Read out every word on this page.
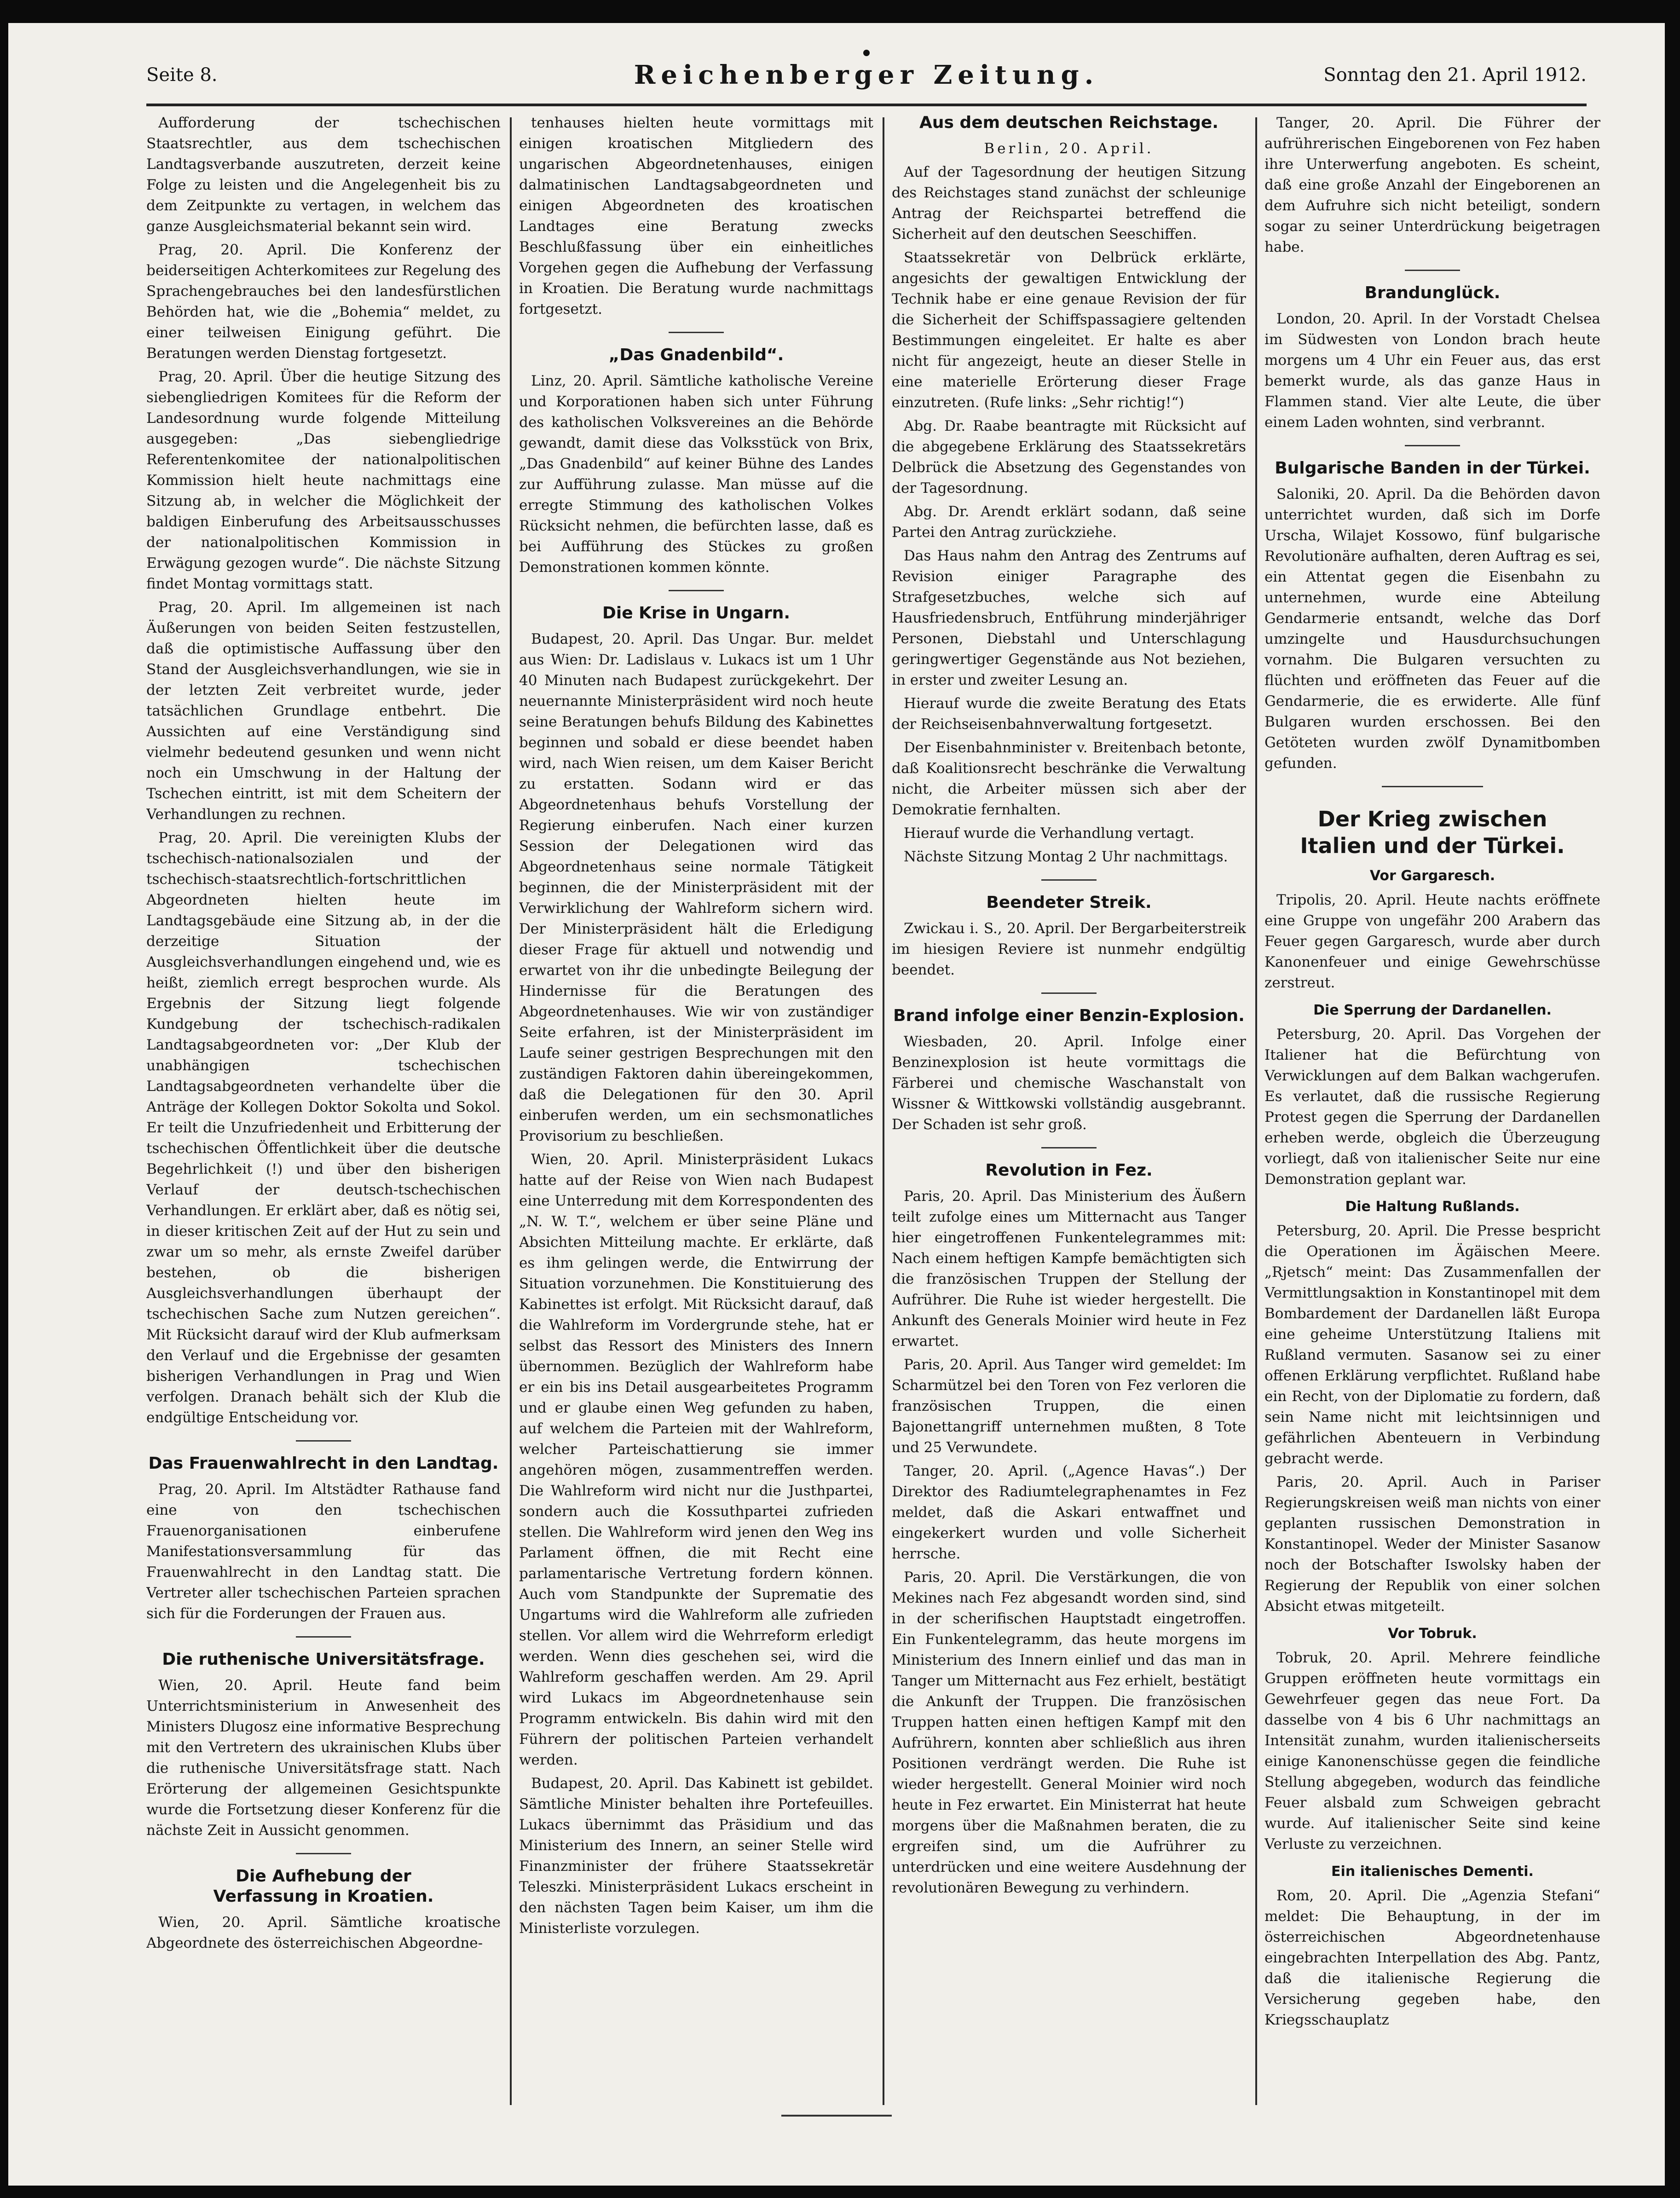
Seite 8.	Reichenberger Zeitung.	Sonntag den 21. April 1912.

Aufforderung der tschechischen Staatsrechtler, aus dem tschechischen Landtagsverbande auszutreten, derzeit keine Folge zu leisten und die Angelegenheit bis zu dem Zeitpunkte zu vertagen, in welchem das ganze Ausgleichsmaterial bekannt sein wird.

Prag, 20. April. Die Konferenz der beiderseitigen Achterkomitees zur Regelung des Sprachengebrauches bei den landesfürstlichen Behörden hat, wie die „Bohemia“ meldet, zu einer teilweisen Einigung geführt. Die Beratungen werden Dienstag fortgesetzt.

Prag, 20. April. Über die heutige Sitzung des siebengliedrigen Komitees für die Reform der Landesordnung wurde folgende Mitteilung ausgegeben: „Das siebengliedrige Referentenkomitee der nationalpolitischen Kommission hielt heute nachmittags eine Sitzung ab, in welcher die Möglichkeit der baldigen Einberufung des Arbeitsausschusses der nationalpolitischen Kommission in Erwägung gezogen wurde“. Die nächste Sitzung findet Montag vormittags statt.

Prag, 20. April. Im allgemeinen ist nach Äußerungen von beiden Seiten festzustellen, daß die optimistische Auffassung über den Stand der Ausgleichsverhandlungen, wie sie in der letzten Zeit verbreitet wurde, jeder tatsächlichen Grundlage entbehrt. Die Aussichten auf eine Verständigung sind vielmehr bedeutend gesunken und wenn nicht noch ein Umschwung in der Haltung der Tschechen eintritt, ist mit dem Scheitern der Verhandlungen zu rechnen.

Prag, 20. April. Die vereinigten Klubs der tschechisch-nationalsozialen und der tschechisch-staatsrechtlich-fortschrittlichen Abgeordneten hielten heute im Landtagsgebäude eine Sitzung ab, in der die derzeitige Situation der Ausgleichsverhandlungen eingehend und, wie es heißt, ziemlich erregt besprochen wurde. Als Ergebnis der Sitzung liegt folgende Kundgebung der tschechisch-radikalen Landtagsabgeordneten vor: „Der Klub der unabhängigen tschechischen Landtagsabgeordneten verhandelte über die Anträge der Kollegen Doktor Sokolta und Sokol. Er teilt die Unzufriedenheit und Erbitterung der tschechischen Öffentlichkeit über die deutsche Begehrlichkeit (!) und über den bisherigen Verlauf der deutsch-tschechischen Verhandlungen. Er erklärt aber, daß es nötig sei, in dieser kritischen Zeit auf der Hut zu sein und zwar um so mehr, als ernste Zweifel darüber bestehen, ob die bisherigen Ausgleichsverhandlungen überhaupt der tschechischen Sache zum Nutzen gereichen“. Mit Rücksicht darauf wird der Klub aufmerksam den Verlauf und die Ergebnisse der gesamten bisherigen Verhandlungen in Prag und Wien verfolgen. Dranach behält sich der Klub die endgültige Entscheidung vor.

Das Frauenwahlrecht in den Landtag.

Prag, 20. April. Im Altstädter Rathause fand eine von den tschechischen Frauenorganisationen einberufene Manifestationsversammlung für das Frauenwahlrecht in den Landtag statt. Die Vertreter aller tschechischen Parteien sprachen sich für die Forderungen der Frauen aus.

Die ruthenische Universitätsfrage.

Wien, 20. April. Heute fand beim Unterrichtsministerium in Anwesenheit des Ministers Dlugosz eine informative Besprechung mit den Vertretern des ukrainischen Klubs über die ruthenische Universitätsfrage statt. Nach Erörterung der allgemeinen Gesichtspunkte wurde die Fortsetzung dieser Konferenz für die nächste Zeit in Aussicht genommen.

Die Aufhebung der
Verfassung in Kroatien.

Wien, 20. April. Sämtliche kroatische Abgeordnete des österreichischen Abgeordne-

tenhauses hielten heute vormittags mit einigen kroatischen Mitgliedern des ungarischen Abgeordnetenhauses, einigen dalmatinischen Landtagsabgeordneten und einigen Abgeordneten des kroatischen Landtages eine Beratung zwecks Beschlußfassung über ein einheitliches Vorgehen gegen die Aufhebung der Verfassung in Kroatien. Die Beratung wurde nachmittags fortgesetzt.

„Das Gnadenbild“.

Linz, 20. April. Sämtliche katholische Vereine und Korporationen haben sich unter Führung des katholischen Volksvereines an die Behörde gewandt, damit diese das Volksstück von Brix, „Das Gnadenbild“ auf keiner Bühne des Landes zur Aufführung zulasse. Man müsse auf die erregte Stimmung des katholischen Volkes Rücksicht nehmen, die befürchten lasse, daß es bei Aufführung des Stückes zu großen Demonstrationen kommen könnte.

Die Krise in Ungarn.

Budapest, 20. April. Das Ungar. Bur. meldet aus Wien: Dr. Ladislaus v. Lukacs ist um 1 Uhr 40 Minuten nach Budapest zurückgekehrt. Der neuernannte Ministerpräsident wird noch heute seine Beratungen behufs Bildung des Kabinettes beginnen und sobald er diese beendet haben wird, nach Wien reisen, um dem Kaiser Bericht zu erstatten. Sodann wird er das Abgeordnetenhaus behufs Vorstellung der Regierung einberufen. Nach einer kurzen Session der Delegationen wird das Abgeordnetenhaus seine normale Tätigkeit beginnen, die der Ministerpräsident mit der Verwirklichung der Wahlreform sichern wird. Der Ministerpräsident hält die Erledigung dieser Frage für aktuell und notwendig und erwartet von ihr die unbedingte Beilegung der Hindernisse für die Beratungen des Abgeordnetenhauses. Wie wir von zuständiger Seite erfahren, ist der Ministerpräsident im Laufe seiner gestrigen Besprechungen mit den zuständigen Faktoren dahin übereingekommen, daß die Delegationen für den 30. April einberufen werden, um ein sechsmonatliches Provisorium zu beschließen.

Wien, 20. April. Ministerpräsident Lukacs hatte auf der Reise von Wien nach Budapest eine Unterredung mit dem Korrespondenten des „N. W. T.“, welchem er über seine Pläne und Absichten Mitteilung machte. Er erklärte, daß es ihm gelingen werde, die Entwirrung der Situation vorzunehmen. Die Konstituierung des Kabinettes ist erfolgt. Mit Rücksicht darauf, daß die Wahlreform im Vordergrunde stehe, hat er selbst das Ressort des Ministers des Innern übernommen. Bezüglich der Wahlreform habe er ein bis ins Detail ausgearbeitetes Programm und er glaube einen Weg gefunden zu haben, auf welchem die Parteien mit der Wahlreform, welcher Parteischattierung sie immer angehören mögen, zusammentreffen werden. Die Wahlreform wird nicht nur die Justhpartei, sondern auch die Kossuthpartei zufrieden stellen. Die Wahlreform wird jenen den Weg ins Parlament öffnen, die mit Recht eine parlamentarische Vertretung fordern können. Auch vom Standpunkte der Suprematie des Ungartums wird die Wahlreform alle zufrieden stellen. Vor allem wird die Wehrreform erledigt werden. Wenn dies geschehen sei, wird die Wahlreform geschaffen werden. Am 29. April wird Lukacs im Abgeordnetenhause sein Programm entwickeln. Bis dahin wird mit den Führern der politischen Parteien verhandelt werden.

Budapest, 20. April. Das Kabinett ist gebildet. Sämtliche Minister behalten ihre Portefeuilles. Lukacs übernimmt das Präsidium und das Ministerium des Innern, an seiner Stelle wird Finanzminister der frühere Staatssekretär Teleszki. Ministerpräsident Lukacs erscheint in den nächsten Tagen beim Kaiser, um ihm die Ministerliste vorzulegen.

Aus dem deutschen Reichstage.
Berlin, 20. April.

Auf der Tagesordnung der heutigen Sitzung des Reichstages stand zunächst der schleunige Antrag der Reichspartei betreffend die Sicherheit auf den deutschen Seeschiffen.

Staatssekretär von Delbrück erklärte, angesichts der gewaltigen Entwicklung der Technik habe er eine genaue Revision der für die Sicherheit der Schiffspassagiere geltenden Bestimmungen eingeleitet. Er halte es aber nicht für angezeigt, heute an dieser Stelle in eine materielle Erörterung dieser Frage einzutreten. (Rufe links: „Sehr richtig!“)

Abg. Dr. Raabe beantragte mit Rücksicht auf die abgegebene Erklärung des Staatssekretärs Delbrück die Absetzung des Gegenstandes von der Tagesordnung.

Abg. Dr. Arendt erklärt sodann, daß seine Partei den Antrag zurückziehe.

Das Haus nahm den Antrag des Zentrums auf Revision einiger Paragraphe des Strafgesetzbuches, welche sich auf Hausfriedensbruch, Entführung minderjähriger Personen, Diebstahl und Unterschlagung geringwertiger Gegenstände aus Not beziehen, in erster und zweiter Lesung an.

Hierauf wurde die zweite Beratung des Etats der Reichseisenbahnverwaltung fortgesetzt.

Der Eisenbahnminister v. Breitenbach betonte, daß Koalitionsrecht beschränke die Verwaltung nicht, die Arbeiter müssen sich aber der Demokratie fernhalten.

Hierauf wurde die Verhandlung vertagt.

Nächste Sitzung Montag 2 Uhr nachmittags.

Beendeter Streik.

Zwickau i. S., 20. April. Der Bergarbeiterstreik im hiesigen Reviere ist nunmehr endgültig beendet.

Brand infolge einer Benzin-Explosion.

Wiesbaden, 20. April. Infolge einer Benzinexplosion ist heute vormittags die Färberei und chemische Waschanstalt von Wissner & Wittkowski vollständig ausgebrannt. Der Schaden ist sehr groß.

Revolution in Fez.

Paris, 20. April. Das Ministerium des Äußern teilt zufolge eines um Mitternacht aus Tanger hier eingetroffenen Funkentelegrammes mit: Nach einem heftigen Kampfe bemächtigten sich die französischen Truppen der Stellung der Aufrührer. Die Ruhe ist wieder hergestellt. Die Ankunft des Generals Moinier wird heute in Fez erwartet.

Paris, 20. April. Aus Tanger wird gemeldet: Im Scharmützel bei den Toren von Fez verloren die französischen Truppen, die einen Bajonettangriff unternehmen mußten, 8 Tote und 25 Verwundete.

Tanger, 20. April. („Agence Havas“.) Der Direktor des Radiumtelegraphenamtes in Fez meldet, daß die Askari entwaffnet und eingekerkert wurden und volle Sicherheit herrsche.

Paris, 20. April. Die Verstärkungen, die von Mekines nach Fez abgesandt worden sind, sind in der scherifischen Hauptstadt eingetroffen. Ein Funkentelegramm, das heute morgens im Ministerium des Innern einlief und das man in Tanger um Mitternacht aus Fez erhielt, bestätigt die Ankunft der Truppen. Die französischen Truppen hatten einen heftigen Kampf mit den Aufrührern, konnten aber schließlich aus ihren Positionen verdrängt werden. Die Ruhe ist wieder hergestellt. General Moinier wird noch heute in Fez erwartet. Ein Ministerrat hat heute morgens über die Maßnahmen beraten, die zu ergreifen sind, um die Aufrührer zu unterdrücken und eine weitere Ausdehnung der revolutionären Bewegung zu verhindern.

Tanger, 20. April. Die Führer der aufrührerischen Eingeborenen von Fez haben ihre Unterwerfung angeboten. Es scheint, daß eine große Anzahl der Eingeborenen an dem Aufruhre sich nicht beteiligt, sondern sogar zu seiner Unterdrückung beigetragen habe.

Brandunglück.

London, 20. April. In der Vorstadt Chelsea im Südwesten von London brach heute morgens um 4 Uhr ein Feuer aus, das erst bemerkt wurde, als das ganze Haus in Flammen stand. Vier alte Leute, die über einem Laden wohnten, sind verbrannt.

Bulgarische Banden in der Türkei.

Saloniki, 20. April. Da die Behörden davon unterrichtet wurden, daß sich im Dorfe Urscha, Wilajet Kossowo, fünf bulgarische Revolutionäre aufhalten, deren Auftrag es sei, ein Attentat gegen die Eisenbahn zu unternehmen, wurde eine Abteilung Gendarmerie entsandt, welche das Dorf umzingelte und Hausdurchsuchungen vornahm. Die Bulgaren versuchten zu flüchten und eröffneten das Feuer auf die Gendarmerie, die es erwiderte. Alle fünf Bulgaren wurden erschossen. Bei den Getöteten wurden zwölf Dynamitbomben gefunden.

Der Krieg zwischen
Italien und der Türkei.
Vor Gargaresch.

Tripolis, 20. April. Heute nachts eröffnete eine Gruppe von ungefähr 200 Arabern das Feuer gegen Gargaresch, wurde aber durch Kanonenfeuer und einige Gewehrschüsse zerstreut.

Die Sperrung der Dardanellen.

Petersburg, 20. April. Das Vorgehen der Italiener hat die Befürchtung von Verwicklungen auf dem Balkan wachgerufen. Es verlautet, daß die russische Regierung Protest gegen die Sperrung der Dardanellen erheben werde, obgleich die Überzeugung vorliegt, daß von italienischer Seite nur eine Demonstration geplant war.

Die Haltung Rußlands.

Petersburg, 20. April. Die Presse bespricht die Operationen im Ägäischen Meere. „Rjetsch“ meint: Das Zusammenfallen der Vermittlungsaktion in Konstantinopel mit dem Bombardement der Dardanellen läßt Europa eine geheime Unterstützung Italiens mit Rußland vermuten. Sasanow sei zu einer offenen Erklärung verpflichtet. Rußland habe ein Recht, von der Diplomatie zu fordern, daß sein Name nicht mit leichtsinnigen und gefährlichen Abenteuern in Verbindung gebracht werde.

Paris, 20. April. Auch in Pariser Regierungskreisen weiß man nichts von einer geplanten russischen Demonstration in Konstantinopel. Weder der Minister Sasanow noch der Botschafter Iswolsky haben der Regierung der Republik von einer solchen Absicht etwas mitgeteilt.

Vor Tobruk.

Tobruk, 20. April. Mehrere feindliche Gruppen eröffneten heute vormittags ein Gewehrfeuer gegen das neue Fort. Da dasselbe von 4 bis 6 Uhr nachmittags an Intensität zunahm, wurden italienischerseits einige Kanonenschüsse gegen die feindliche Stellung abgegeben, wodurch das feindliche Feuer alsbald zum Schweigen gebracht wurde. Auf italienischer Seite sind keine Verluste zu verzeichnen.

Ein italienisches Dementi.

Rom, 20. April. Die „Agenzia Stefani“ meldet: Die Behauptung, in der im österreichischen Abgeordnetenhause eingebrachten Interpellation des Abg. Pantz, daß die italienische Regierung die Versicherung gegeben habe, den Kriegsschauplatz
